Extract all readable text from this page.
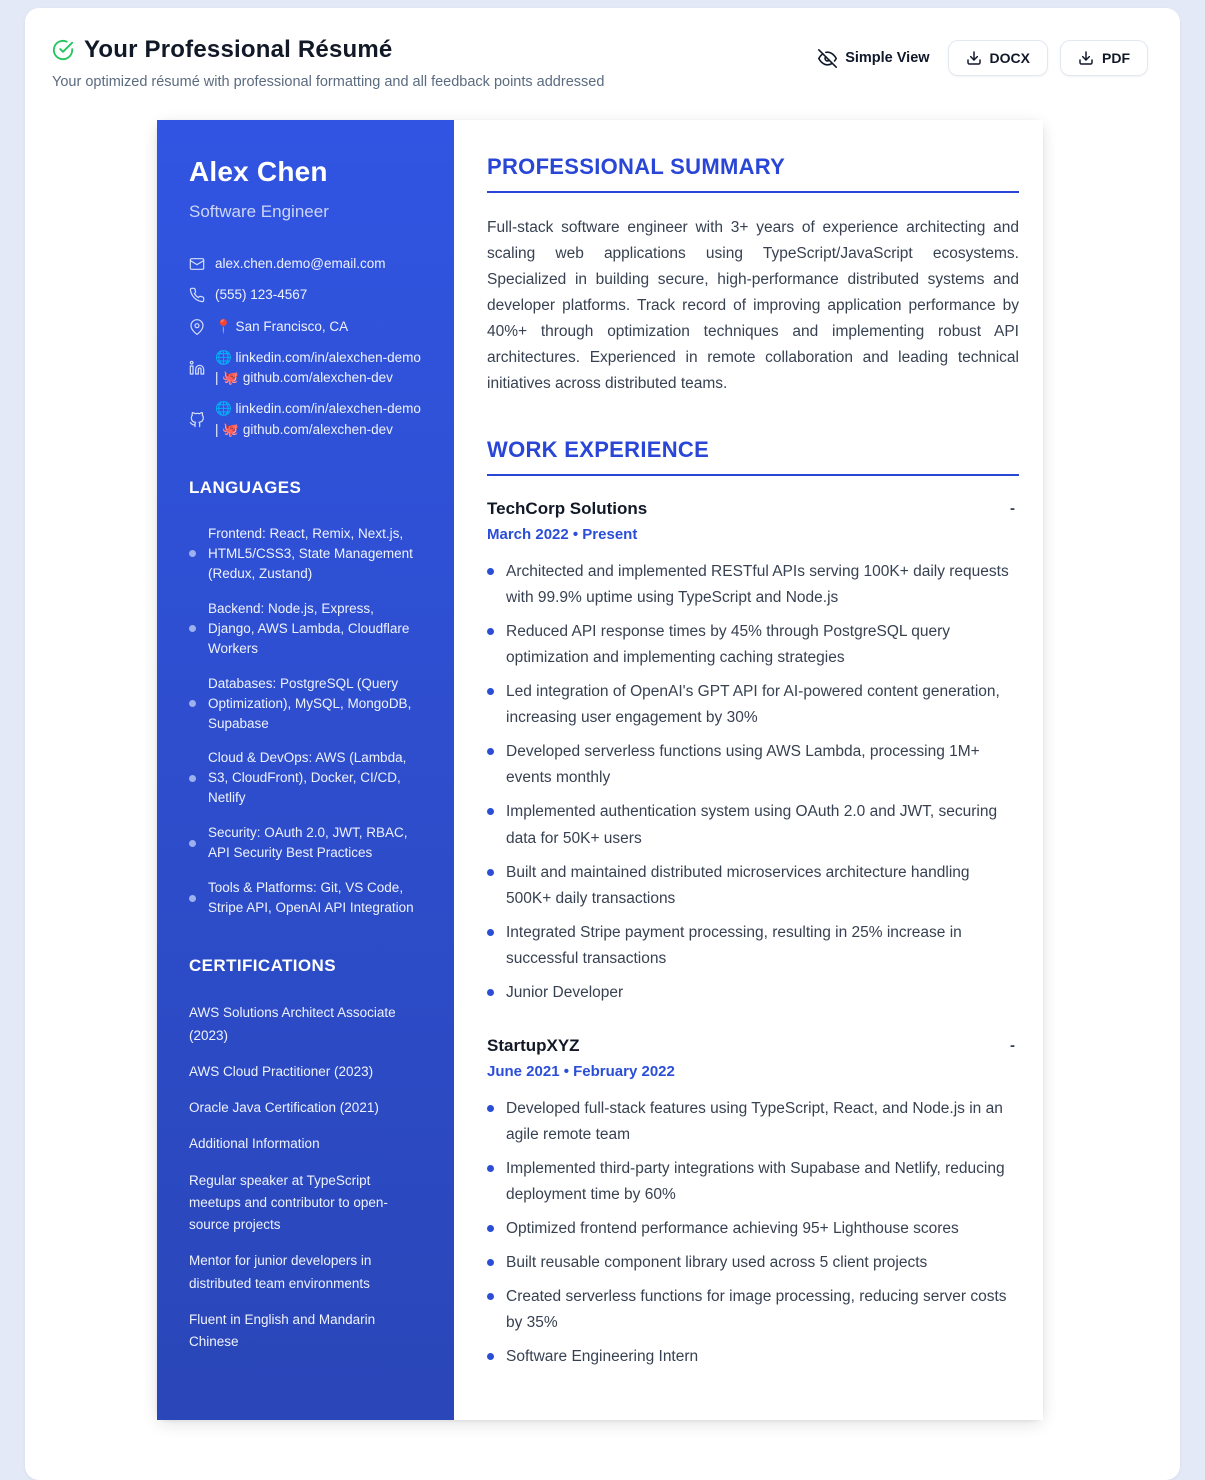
Your Professional Résumé
Your optimized résumé with professional formatting and all feedback points addressed
Simple View	DOCX	PDF
Alex Chen
Software Engineer
alex.chen.demo@email.com
(555) 123-4567
📍 San Francisco, CA
🌐 linkedin.com/in/alexchen-demo | 🐙 github.com/alexchen-dev
🌐 linkedin.com/in/alexchen-demo | 🐙 github.com/alexchen-dev
LANGUAGES
Frontend: React, Remix, Next.js, HTML5/CSS3, State Management (Redux, Zustand)
Backend: Node.js, Express, Django, AWS Lambda, Cloudflare Workers
Databases: PostgreSQL (Query Optimization), MySQL, MongoDB, Supabase
Cloud & DevOps: AWS (Lambda, S3, CloudFront), Docker, CI/CD, Netlify
Security: OAuth 2.0, JWT, RBAC, API Security Best Practices
Tools & Platforms: Git, VS Code, Stripe API, OpenAI API Integration
CERTIFICATIONS
AWS Solutions Architect Associate (2023)
AWS Cloud Practitioner (2023)
Oracle Java Certification (2021)
Additional Information
Regular speaker at TypeScript meetups and contributor to open-source projects
Mentor for junior developers in distributed team environments
Fluent in English and Mandarin Chinese
PROFESSIONAL SUMMARY

Full-stack software engineer with 3+ years of experience architecting and scaling web applications using TypeScript/JavaScript ecosystems. Specialized in building secure, high-performance distributed systems and developer platforms. Track record of improving application performance by 40%+ through optimization techniques and implementing robust API architectures. Experienced in remote collaboration and leading technical initiatives across distributed teams.

WORK EXPERIENCE
TechCorp Solutions	-
March 2022 • Present
Architected and implemented RESTful APIs serving 100K+ daily requests with 99.9% uptime using TypeScript and Node.js
Reduced API response times by 45% through PostgreSQL query optimization and implementing caching strategies
Led integration of OpenAI's GPT API for AI-powered content generation, increasing user engagement by 30%
Developed serverless functions using AWS Lambda, processing 1M+ events monthly
Implemented authentication system using OAuth 2.0 and JWT, securing data for 50K+ users
Built and maintained distributed microservices architecture handling 500K+ daily transactions
Integrated Stripe payment processing, resulting in 25% increase in successful transactions
Junior Developer
StartupXYZ	-
June 2021 • February 2022
Developed full-stack features using TypeScript, React, and Node.js in an agile remote team
Implemented third-party integrations with Supabase and Netlify, reducing deployment time by 60%
Optimized frontend performance achieving 95+ Lighthouse scores
Built reusable component library used across 5 client projects
Created serverless functions for image processing, reducing server costs by 35%
Software Engineering Intern
